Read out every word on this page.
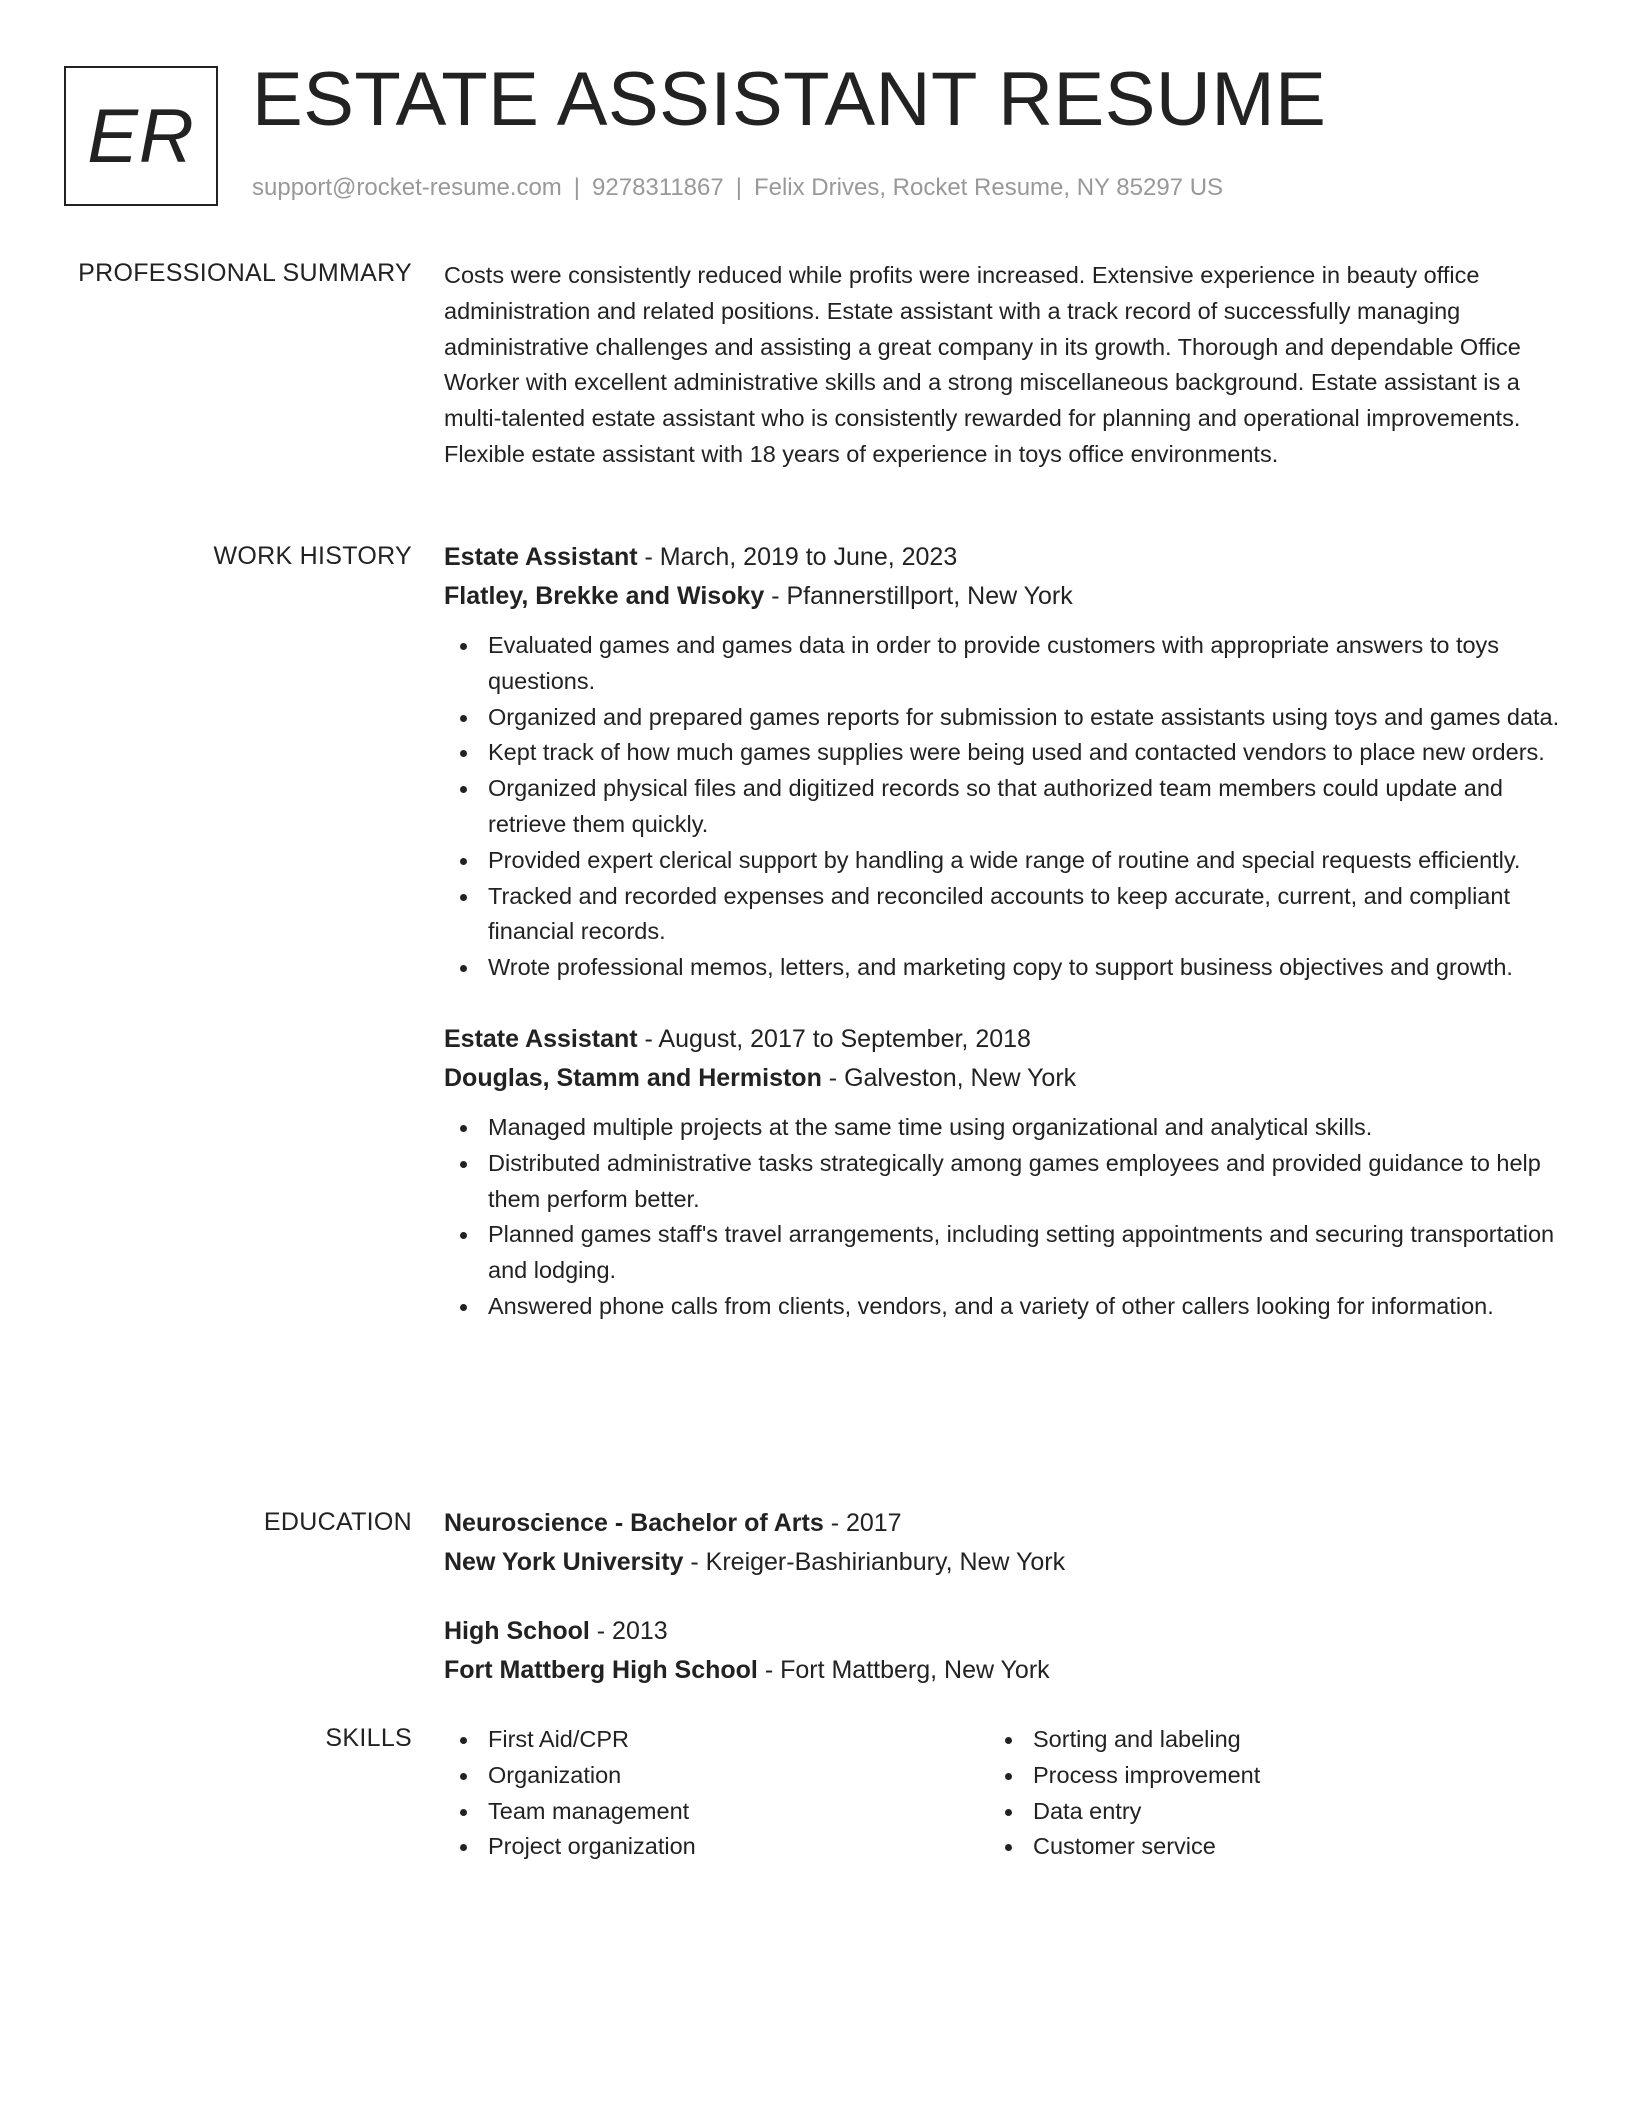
ER ESTATE ASSISTANT RESUME
support@rocket-resume.com | 9278311867 | Felix Drives, Rocket Resume, NY 85297 US
PROFESSIONAL SUMMARY Costs were consistently reduced while profits were increased. Extensive experience in beauty office administration and related positions. Estate assistant with a track record of successfully managing administrative challenges and assisting a great company in its growth. Thorough and dependable Office Worker with excellent administrative skills and a strong miscellaneous background. Estate assistant is a multi-talented estate assistant who is consistently rewarded for planning and operational improvements. Flexible estate assistant with 18 years of experience in toys office environments.

WORK HISTORY Estate Assistant - March, 2019 to June, 2023
Flatley, Brekke and Wisoky - Pfannerstillport, New York
Evaluated games and games data in order to provide customers with appropriate answers to toys questions.
Organized and prepared games reports for submission to estate assistants using toys and games data.
Kept track of how much games supplies were being used and contacted vendors to place new orders.
Organized physical files and digitized records so that authorized team members could update and retrieve them quickly.
Provided expert clerical support by handling a wide range of routine and special requests efficiently.
Tracked and recorded expenses and reconciled accounts to keep accurate, current, and compliant financial records.
Wrote professional memos, letters, and marketing copy to support business objectives and growth.
Estate Assistant - August, 2017 to September, 2018
Douglas, Stamm and Hermiston - Galveston, New York
Managed multiple projects at the same time using organizational and analytical skills.
Distributed administrative tasks strategically among games employees and provided guidance to help them perform better.
Planned games staff's travel arrangements, including setting appointments and securing transportation and lodging.
Answered phone calls from clients, vendors, and a variety of other callers looking for information.
EDUCATION Neuroscience - Bachelor of Arts - 2017
New York University - Kreiger-Bashirianbury, New York
High School - 2013
Fort Mattberg High School - Fort Mattberg, New York
SKILLS	First Aid/CPR
Organization
Team management
Project organization
Sorting and labeling
Process improvement
Data entry
Customer service
